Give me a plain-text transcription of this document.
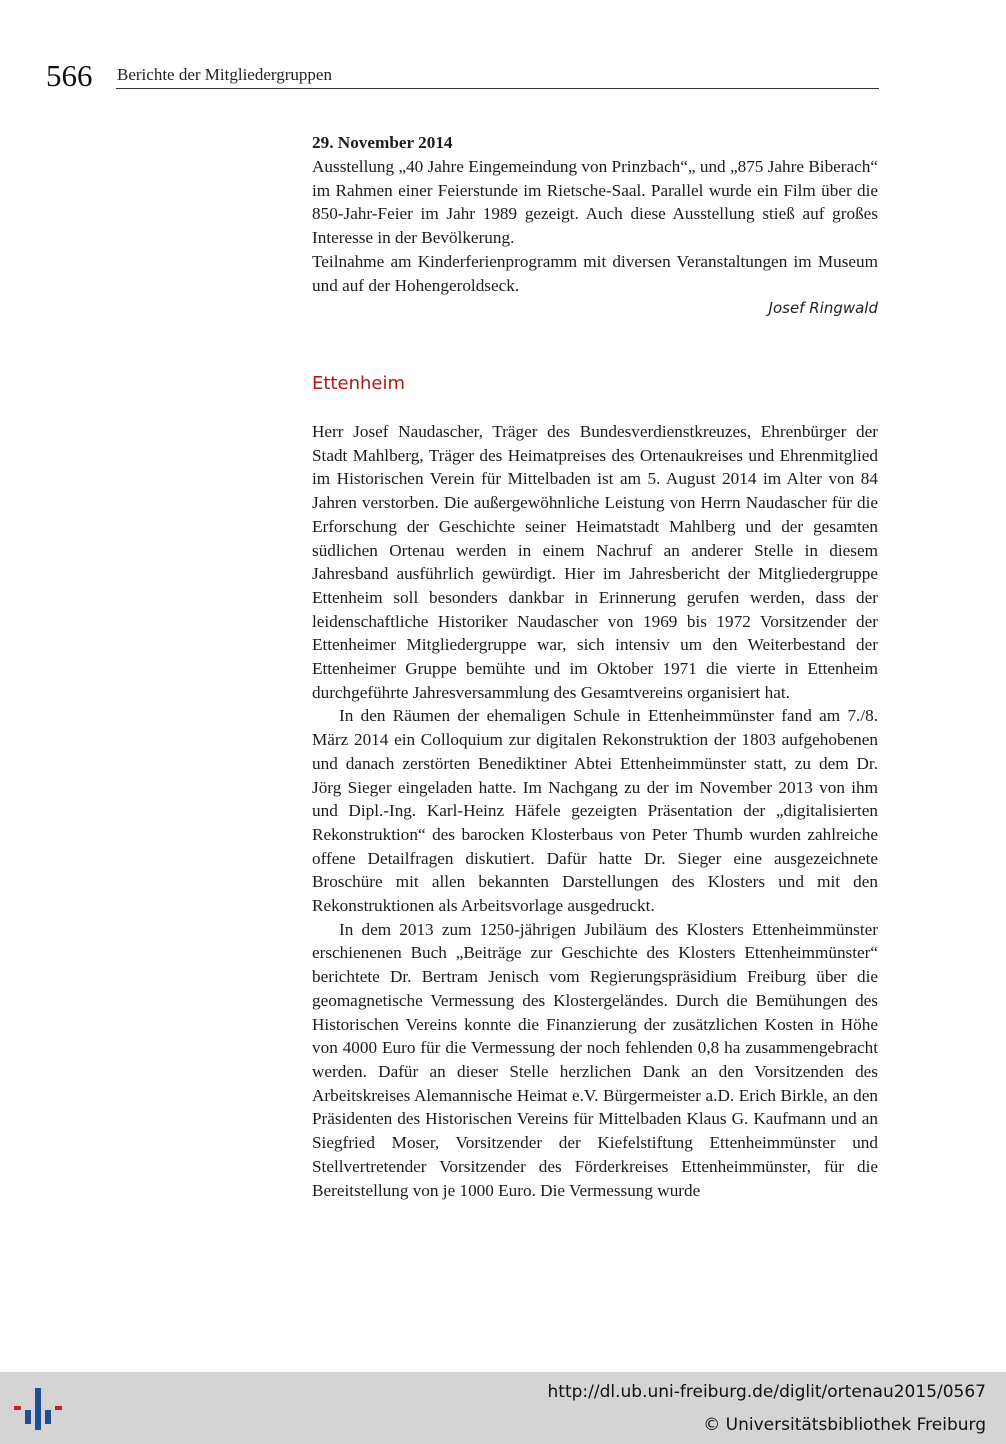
566 Berichte der Mitgliedergruppen
29. November 2014

Ausstellung „40 Jahre Eingemeindung von Prinzbach“„ und „875 Jahre Biberach“ im Rahmen einer Feierstunde im Rietsche-Saal. Parallel wurde ein Film über die 850-Jahr-Feier im Jahr 1989 gezeigt. Auch diese Ausstellung stieß auf großes Interesse in der Bevölkerung.

Teilnahme am Kinderferienprogramm mit diversen Veranstaltungen im Museum und auf der Hohengeroldseck.

Josef Ringwald
Ettenheim

Herr Josef Naudascher, Träger des Bundesverdienstkreuzes, Ehrenbürger der Stadt Mahlberg, Träger des Heimatpreises des Ortenaukreises und Ehrenmitglied im Historischen Verein für Mittelbaden ist am 5. August 2014 im Alter von 84 Jahren verstorben. Die außergewöhnliche Leistung von Herrn Naudascher für die Erforschung der Geschichte seiner Heimatstadt Mahlberg und der gesamten südlichen Ortenau werden in einem Nachruf an anderer Stelle in diesem Jahresband ausführlich gewürdigt. Hier im Jahresbericht der Mitgliedergruppe Ettenheim soll besonders dankbar in Erinnerung gerufen werden, dass der leidenschaftliche Historiker Naudascher von 1969 bis 1972 Vorsitzender der Ettenheimer Mitgliedergruppe war, sich intensiv um den Weiterbestand der Ettenheimer Gruppe bemühte und im Oktober 1971 die vierte in Ettenheim durchgeführte Jahresversammlung des Gesamtvereins organisiert hat.

In den Räumen der ehemaligen Schule in Ettenheimmünster fand am 7./8. März 2014 ein Colloquium zur digitalen Rekonstruktion der 1803 aufgehobenen und danach zerstörten Benediktiner Abtei Ettenheimmünster statt, zu dem Dr. Jörg Sieger eingeladen hatte. Im Nachgang zu der im November 2013 von ihm und Dipl.-Ing. Karl-Heinz Häfele gezeigten Präsentation der „digitalisierten Rekonstruktion“ des barocken Klosterbaus von Peter Thumb wurden zahlreiche offene Detailfragen diskutiert. Dafür hatte Dr. Sieger eine ausgezeichnete Broschüre mit allen bekannten Darstellungen des Klosters und mit den Rekonstruktionen als Arbeitsvorlage ausgedruckt.

In dem 2013 zum 1250-jährigen Jubiläum des Klosters Ettenheimmünster erschienenen Buch „Beiträge zur Geschichte des Klosters Ettenheimmünster“ berichtete Dr. Bertram Jenisch vom Regierungspräsidium Freiburg über die geomagnetische Vermessung des Klostergeländes. Durch die Bemühungen des Historischen Vereins konnte die Finanzierung der zusätzlichen Kosten in Höhe von 4000 Euro für die Vermessung der noch fehlenden 0,8 ha zusammengebracht werden. Dafür an dieser Stelle herzlichen Dank an den Vorsitzenden des Arbeitskreises Alemannische Heimat e.V. Bürgermeister a.D. Erich Birkle, an den Präsidenten des Historischen Vereins für Mittelbaden Klaus G. Kaufmann und an Siegfried Moser, Vorsitzender der Kiefelstiftung Ettenheimmünster und Stellvertretender Vorsitzender des Förderkreises Ettenheimmünster, für die Bereitstellung von je 1000 Euro. Die Vermessung wurde

http://dl.ub.uni-freiburg.de/diglit/ortenau2015/0567
© Universitätsbibliothek Freiburg
